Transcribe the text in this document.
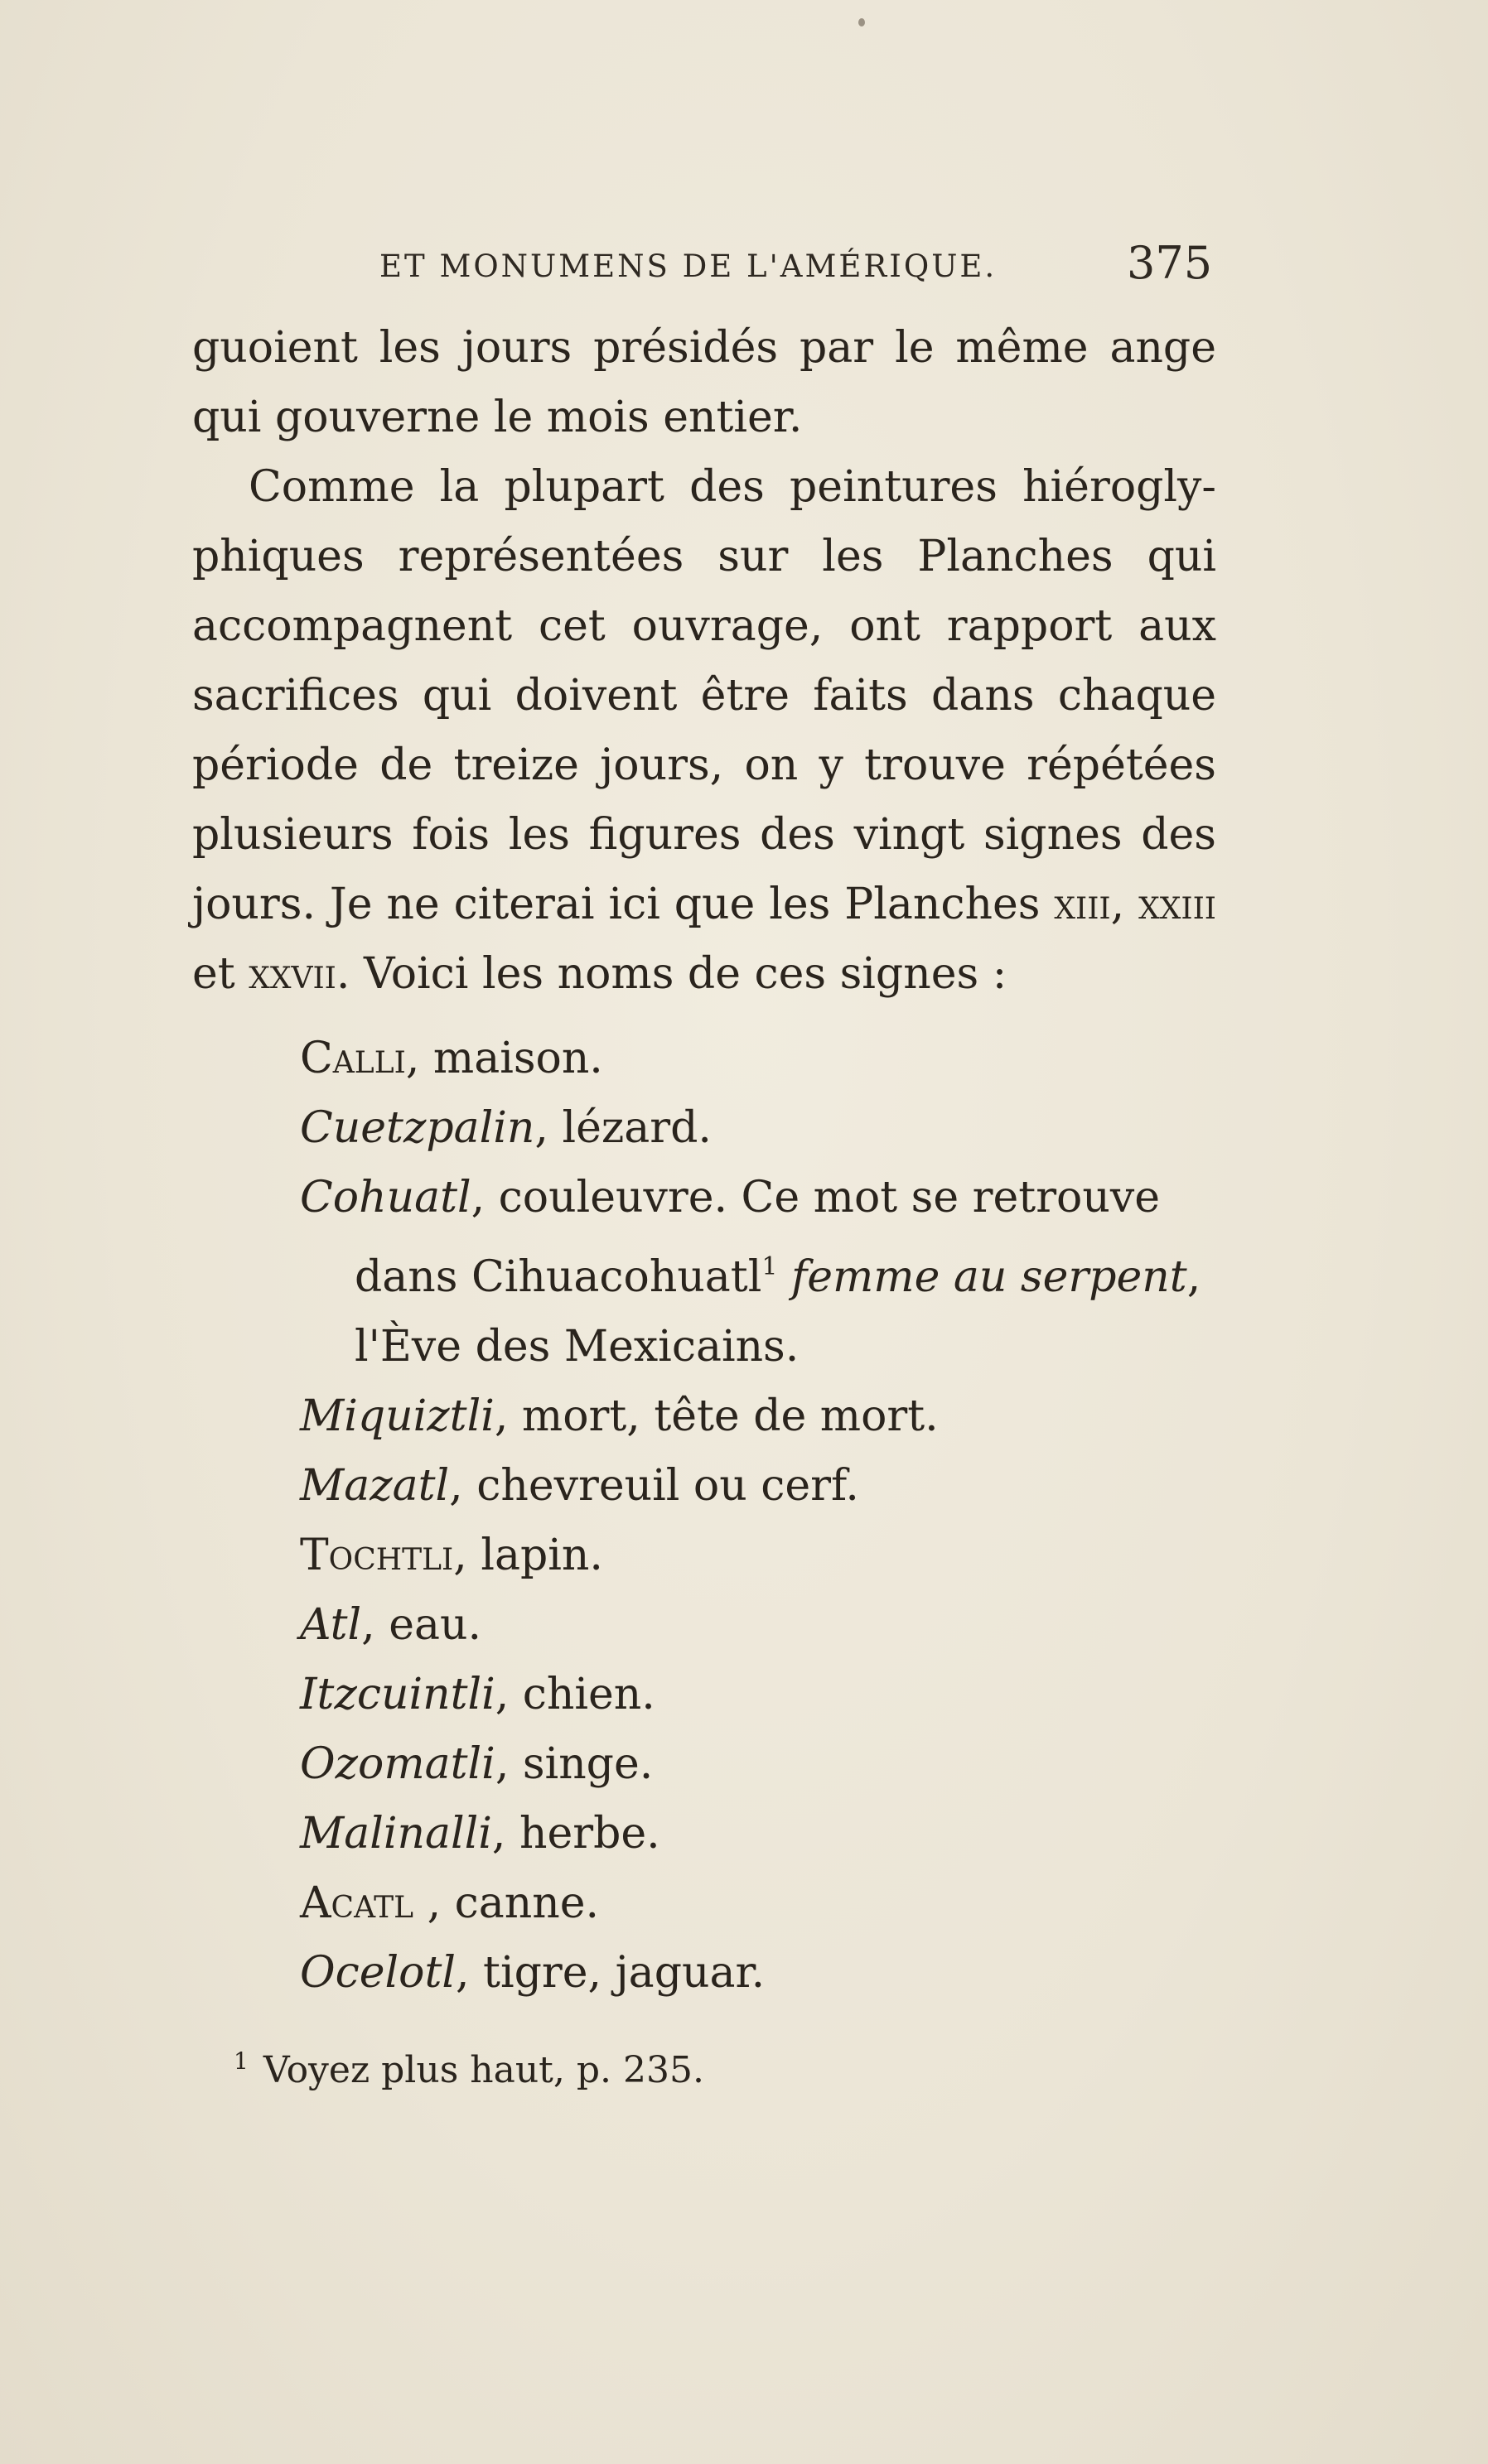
ET MONUMENS DE L'AMÉRIQUE.	375

guoient les jours présidés par le même ange qui gouverne le mois entier.

Comme la plupart des peintures hiérogly-phiques représentées sur les Planches qui accompagnent cet ouvrage, ont rapport aux sacrifices qui doivent être faits dans chaque période de treize jours, on y trouve répétées plusieurs fois les figures des vingt signes des jours. Je ne citerai ici que les Planches xiii, xxiii et xxvii. Voici les noms de ces signes :

Calli, maison.

Cuetzpalin, lézard.

Cohuatl, couleuvre. Ce mot se retrouve
dans Cihuacohuatl$^1$ femme au serpent, l'Ève des Mexicains.

Miquiztli, mort, tête de mort.

Mazatl, chevreuil ou cerf.

Tochtli, lapin.

Atl, eau.

Itzcuintli, chien.

Ozomatli, singe.

Malinalli, herbe.

Acatl , canne.

Ocelotl, tigre, jaguar.

$^1$ Voyez plus haut, p. 235.
